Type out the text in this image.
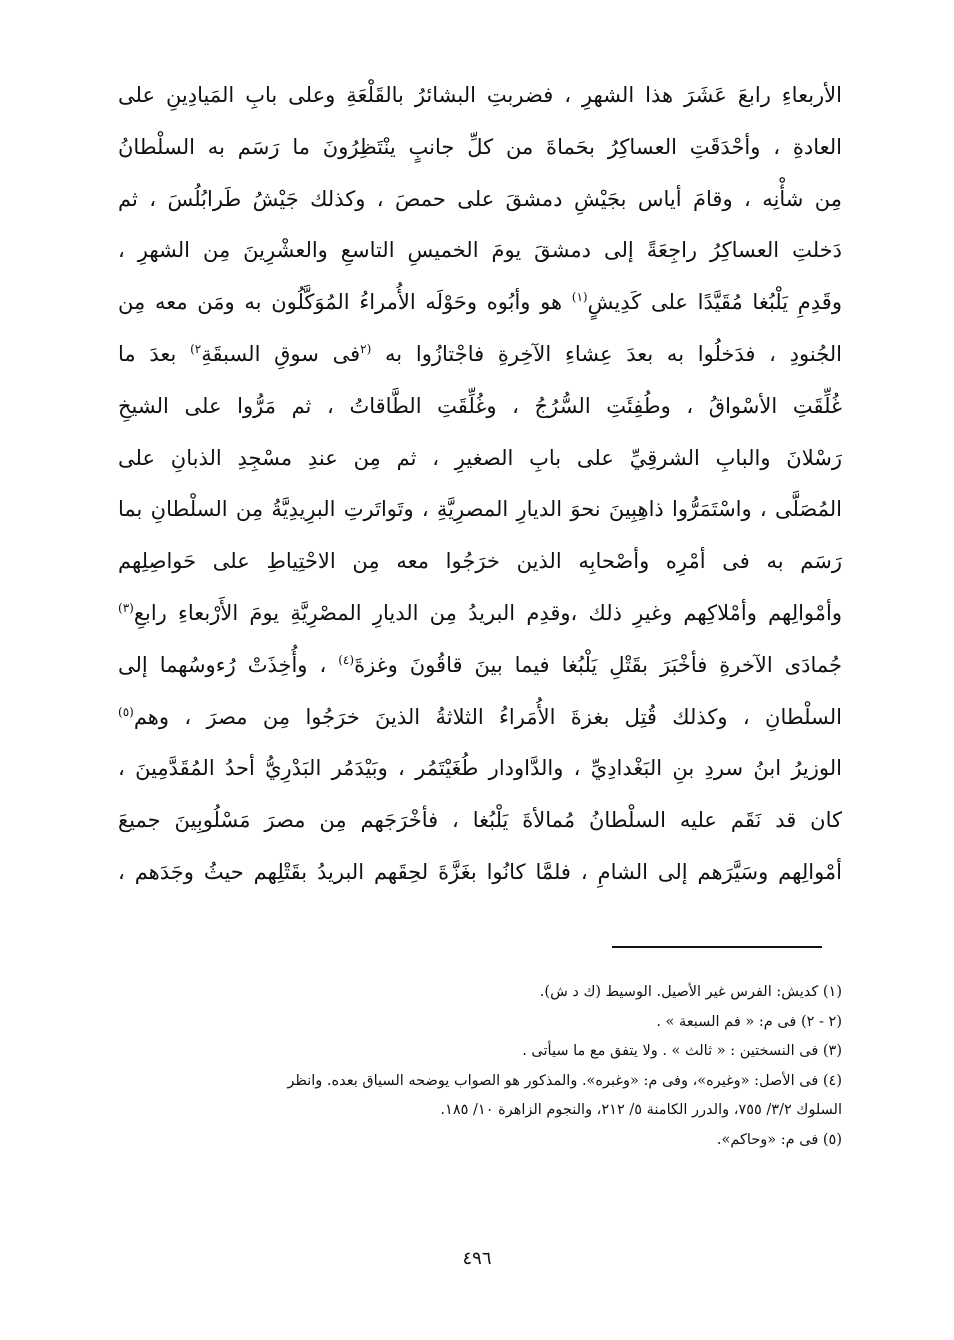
الأربعاءِ رابعَ عَشَرَ هذا الشهرِ ، فضربتِ البشائرُ بالقَلْعَةِ وعلى بابِ المَيادِينِ على
العادةِ ، وأحْدَقَتِ العساكِرُ بحَماةَ من كلِّ جانبٍ ينْتَظِرُونَ ما رَسَم به السلْطانُ
مِن شأْنِه ، وقامَ أياس بجَيْشِ دمشقَ على حمصَ ، وكذلك جَيْشُ طَرابُلُسَ ، ثم
دَخلتِ العساكِرُ راجِعَةً إلى دمشقَ يومَ الخميسِ التاسعِ والعشْرِينَ مِن الشهرِ ،
وقَدِمِ يَلْبُغا مُقَيَّدًا على كَدِيشٍ$^{(١)}$ هو وأبُوه وحَوْلَه الأُمراءُ المُوَكَّلُون به ومَن معه مِن
الجُنودِ ، فدَخلُوا به بعدَ عِشاءِ الآخِرةِ فاجْتازُوا به $^{(٢}$فى سوقِ السبقَةِ$^{٢)}$ بعدَ ما
غُلِّقَتِ الأسْواقُ ، وطُفِئَتِ السُّرُجُ ، وغُلِّقَتِ الطَّاقاتُ ، ثم مَرُّوا على الشيخِ
رَسْلانَ والبابِ الشرقِيِّ على بابِ الصغيرِ ، ثم مِن عندِ مسْجِدِ الذبانِ على
المُصَلَّى ، واسْتَمَرُّوا ذاهِبِينَ نحوَ الديارِ المصرِيَّةِ ، وتَواتَرتِ البرِيدِيَّةُ مِن السلْطانِ بما
رَسَم به فى أمْرِه وأصْحابِه الذين خرَجُوا معه مِن الاحْتِياطِ على حَواصِلِهم
وأمْوالِهم وأمْلاكِهم وغيرِ ذلك ،وقدِم البريدُ مِن الديارِ المصْرِيَّةِ يومَ الأَرْبعاءِ رابعِ$^{(٣)}$
جُمادَى الآخرةِ فأخْبَرَ بقَتْلِ يَلْبُغا فيما بينَ قاقُونَ وغزةَ$^{(٤)}$ ، وأُخِذَتْ رُءوسُهما إلى
السلْطانِ ، وكذلك قُتِل بغزةَ الأُمَراءُ الثلاثةُ الذينَ خرَجُوا مِن مصرَ ، وهم$^{(٥)}$
الوزيرُ ابنُ سردِ بنِ البَغْدادِيِّ ، والدَّاودار طُغَيْتَمُر ، وبَيْدَمُر البَدْرِيُّ أحدُ المُقَدَّمِينَ ،
كان قد نَقَم عليه السلْطانُ مُمالأةَ يَلْبُغا ، فأخْرَجَهم مِن مصرَ مَسْلُوبِينَ جميعَ
أمْوالِهم وسَيَّرَهم إلى الشامِ ، فلمَّا كانُوا بغَزَّةَ لحِقَهم البريدُ بقَتْلِهم حيثُ وجَدَهم ،
(١) كديش: الفرس غير الأصيل. الوسيط (ك د ش).
(٢ - ٢) فى م: « فم السبعة » .
(٣) فى النسختين : « ثالث » . ولا يتفق مع ما سيأتى .
(٤) فى الأصل: «وغيره»، وفى م: «وغبره». والمذكور هو الصواب يوضحه السياق بعده. وانظر
السلوك ٣/٢/ ٧٥٥، والدرر الكامنة ٥/ ٢١٢، والنجوم الزاهرة ١٠/ ١٨٥.
(٥) فى م: «وحاكم».
٤٩٦
